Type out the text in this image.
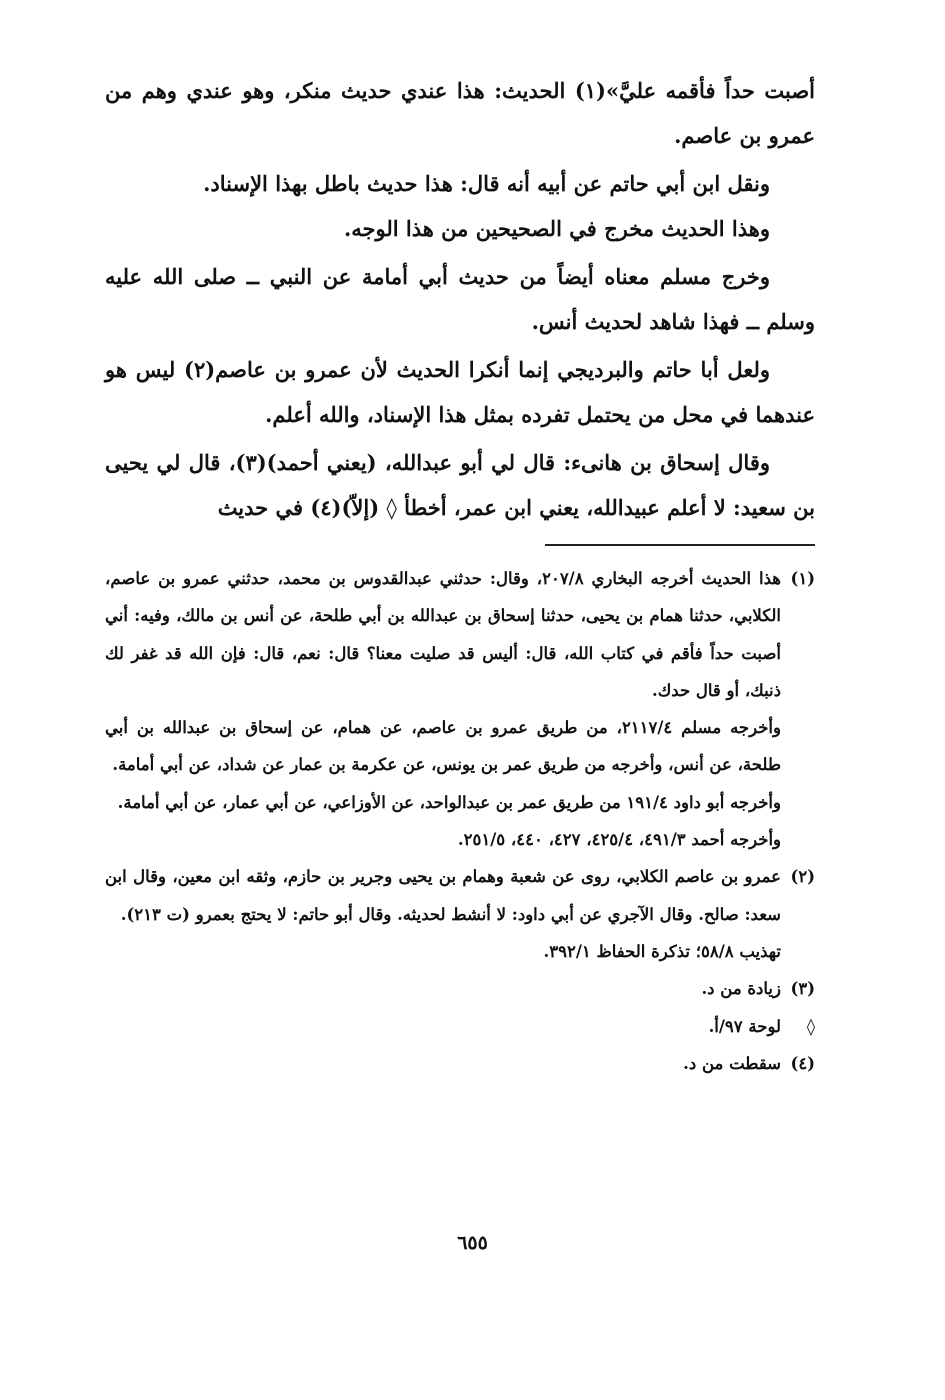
أصبت حداً فأقمه عليَّ»(١) الحديث: هذا عندي حديث منكر، وهو عندي وهم من عمرو بن عاصم.

ونقل ابن أبي حاتم عن أبيه أنه قال: هذا حديث باطل بهذا الإسناد.

وهذا الحديث مخرج في الصحيحين من هذا الوجه.

وخرج مسلم معناه أيضاً من حديث أبي أمامة عن النبي ــ صلى الله عليه وسلم ــ فهذا شاهد لحديث أنس.

ولعل أبا حاتم والبرديجي إنما أنكرا الحديث لأن عمرو بن عاصم(٢) ليس هو عندهما في محل من يحتمل تفرده بمثل هذا الإسناد، والله أعلم.

وقال إسحاق بن هانىء: قال لي أبو عبدالله، (يعني أحمد)(٣)، قال لي يحيى بن سعيد: لا أعلم عبيدالله، يعني ابن عمر، أخطأ ◊ (إلاّ)(٤) في حديث

(١)
هذا الحديث أخرجه البخاري ٢٠٧/٨، وقال: حدثني عبدالقدوس بن محمد، حدثني عمرو بن عاصم، الكلابي، حدثنا همام بن يحيى، حدثنا إسحاق بن عبدالله بن أبي طلحة، عن أنس بن مالك، وفيه: أني أصبت حداً فأقم في كتاب الله، قال: أليس قد صليت معنا؟ قال: نعم، قال: فإن الله قد غفر لك ذنبك، أو قال حدك.
وأخرجه مسلم ٢١١٧/٤، من طريق عمرو بن عاصم، عن همام، عن إسحاق بن عبدالله بن أبي طلحة، عن أنس، وأخرجه من طريق عمر بن يونس، عن عكرمة بن عمار عن شداد، عن أبي أمامة.
وأخرجه أبو داود ١٩١/٤ من طريق عمر بن عبدالواحد، عن الأوزاعي، عن أبي عمار، عن أبي أمامة.
وأخرجه أحمد ٤٩١/٣، ٤٢٥/٤، ٤٢٧، ٤٤٠، ٢٥١/٥.
(٢)
عمرو بن عاصم الكلابي، روى عن شعبة وهمام بن يحيى وجرير بن حازم، وثقه ابن معين، وقال ابن سعد: صالح. وقال الآجري عن أبي داود: لا أنشط لحديثه. وقال أبو حاتم: لا يحتج بعمرو (ت ٢١٣).
تهذيب ٥٨/٨؛ تذكرة الحفاظ ٣٩٢/١.
(٣)
زيادة من د.
◊
لوحة ٩٧/أ.
(٤)
سقطت من د.
٦٥٥
